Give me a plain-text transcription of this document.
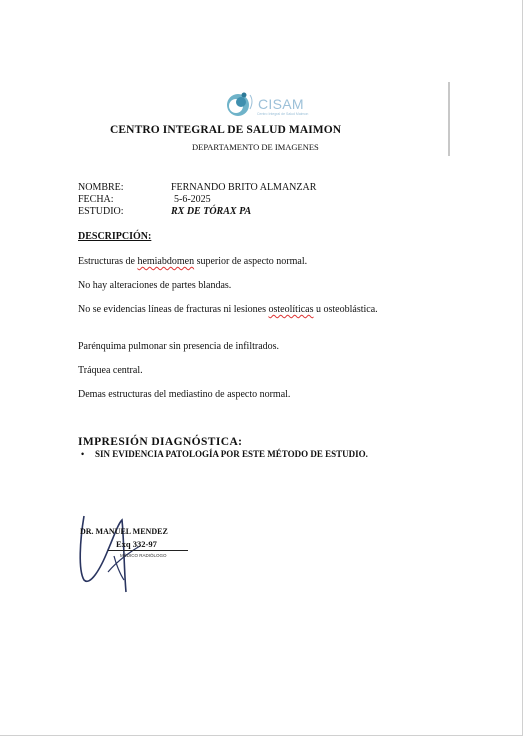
CISAM
Centro Integral de Salud Maimon
CENTRO INTEGRAL DE SALUD MAIMON
DEPARTAMENTO DE IMAGENES
NOMBRE:	FERNANDO BRITO ALMANZAR
FECHA:	5-6-2025
ESTUDIO:	RX DE TÓRAX PA
DESCRIPCIÓN:
Estructuras de hemiabdomen superior de aspecto normal.
No hay alteraciones de partes blandas.
No se evidencias líneas de fracturas ni lesiones osteolíticas u osteoblástica.
Parénquima pulmonar sin presencia de infiltrados.
Tráquea central.
Demas estructuras del mediastino de aspecto normal.
IMPRESIÓN DIAGNÓSTICA:
• SIN EVIDENCIA PATOLOGÍA POR ESTE MÉTODO DE ESTUDIO.
DR. MANUEL MENDEZ
Exq 332-97
MÉDICO RADIÓLOGO
